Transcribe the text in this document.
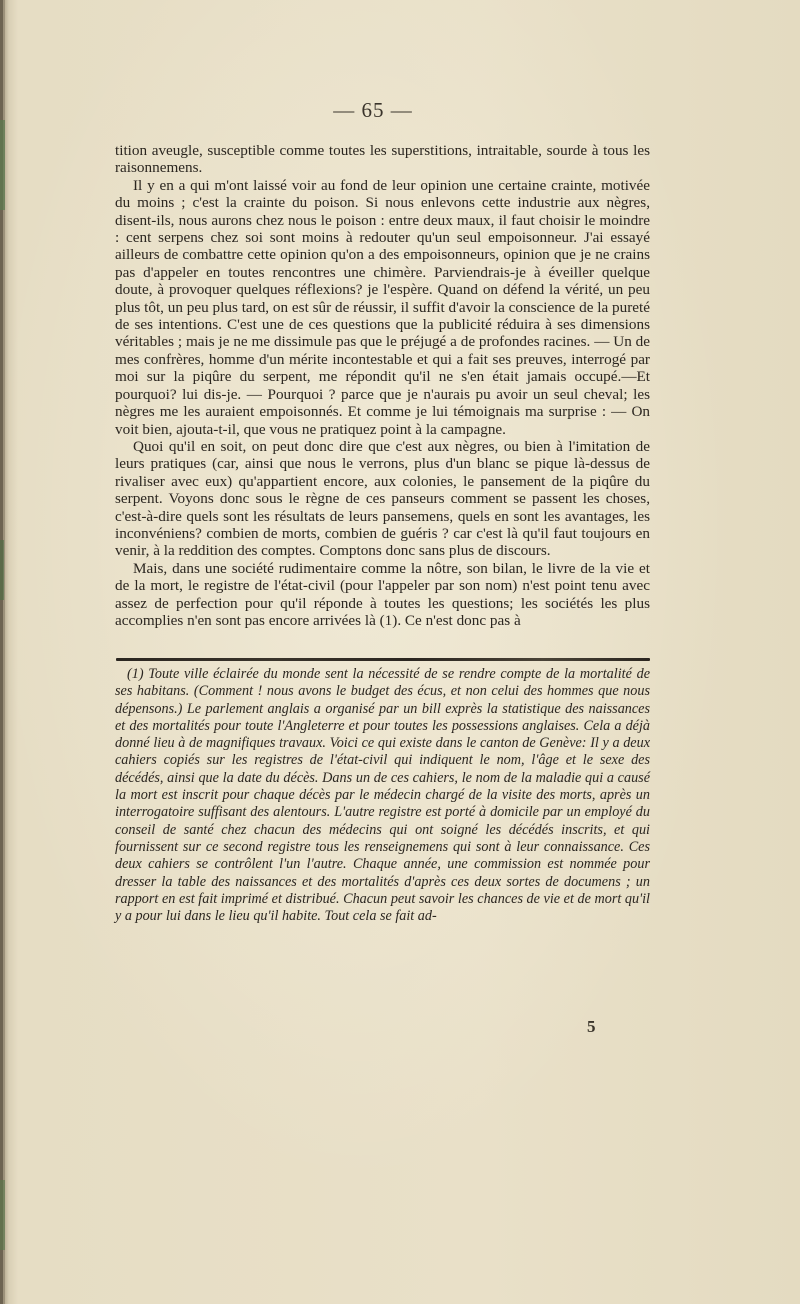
— 65 —

tition aveugle, susceptible comme toutes les superstitions, intraitable, sourde à tous les raisonnemens.

Il y en a qui m'ont laissé voir au fond de leur opinion une certaine crainte, motivée du moins ; c'est la crainte du poison. Si nous enlevons cette industrie aux nègres, disent-ils, nous aurons chez nous le poison : entre deux maux, il faut choisir le moindre : cent serpens chez soi sont moins à redouter qu'un seul empoisonneur. J'ai essayé ailleurs de combattre cette opinion qu'on a des empoisonneurs, opinion que je ne crains pas d'appeler en toutes rencontres une chimère. Parviendrais-je à éveiller quelque doute, à provoquer quelques réflexions? je l'espère. Quand on défend la vérité, un peu plus tôt, un peu plus tard, on est sûr de réussir, il suffit d'avoir la conscience de la pureté de ses intentions. C'est une de ces questions que la publicité réduira à ses dimensions véritables ; mais je ne me dissimule pas que le préjugé a de profondes racines. — Un de mes confrères, homme d'un mérite incontestable et qui a fait ses preuves, interrogé par moi sur la piqûre du serpent, me répondit qu'il ne s'en était jamais occupé.—Et pourquoi? lui dis-je. — Pourquoi ? parce que je n'aurais pu avoir un seul cheval; les nègres me les auraient empoisonnés. Et comme je lui témoignais ma surprise : — On voit bien, ajouta-t-il, que vous ne pratiquez point à la campagne.

Quoi qu'il en soit, on peut donc dire que c'est aux nègres, ou bien à l'imitation de leurs pratiques (car, ainsi que nous le verrons, plus d'un blanc se pique là-dessus de rivaliser avec eux) qu'appartient encore, aux colonies, le pansement de la piqûre du serpent. Voyons donc sous le règne de ces panseurs comment se passent les choses, c'est-à-dire quels sont les résultats de leurs pansemens, quels en sont les avantages, les inconvéniens? combien de morts, combien de guéris ? car c'est là qu'il faut toujours en venir, à la reddition des comptes. Comptons donc sans plus de discours.

Mais, dans une société rudimentaire comme la nôtre, son bilan, le livre de la vie et de la mort, le registre de l'état-civil (pour l'appeler par son nom) n'est point tenu avec assez de perfection pour qu'il réponde à toutes les questions; les sociétés les plus accomplies n'en sont pas encore arrivées là (1). Ce n'est donc pas à

(1) Toute ville éclairée du monde sent la nécessité de se rendre compte de la mortalité de ses habitans. (Comment ! nous avons le budget des écus, et non celui des hommes que nous dépensons.) Le parlement anglais a organisé par un bill exprès la statistique des naissances et des mortalités pour toute l'Angleterre et pour toutes les possessions anglaises. Cela a déjà donné lieu à de magnifiques travaux. Voici ce qui existe dans le canton de Genève: Il y a deux cahiers copiés sur les registres de l'état-civil qui indiquent le nom, l'âge et le sexe des décédés, ainsi que la date du décès. Dans un de ces cahiers, le nom de la maladie qui a causé la mort est inscrit pour chaque décès par le médecin chargé de la visite des morts, après un interrogatoire suffisant des alentours. L'autre registre est porté à domicile par un employé du conseil de santé chez chacun des médecins qui ont soigné les décédés inscrits, et qui fournissent sur ce second registre tous les renseignemens qui sont à leur connaissance. Ces deux cahiers se contrôlent l'un l'autre. Chaque année, une commission est nommée pour dresser la table des naissances et des mortalités d'après ces deux sortes de documens ; un rapport en est fait imprimé et distribué. Chacun peut savoir les chances de vie et de mort qu'il y a pour lui dans le lieu qu'il habite. Tout cela se fait ad-

5
